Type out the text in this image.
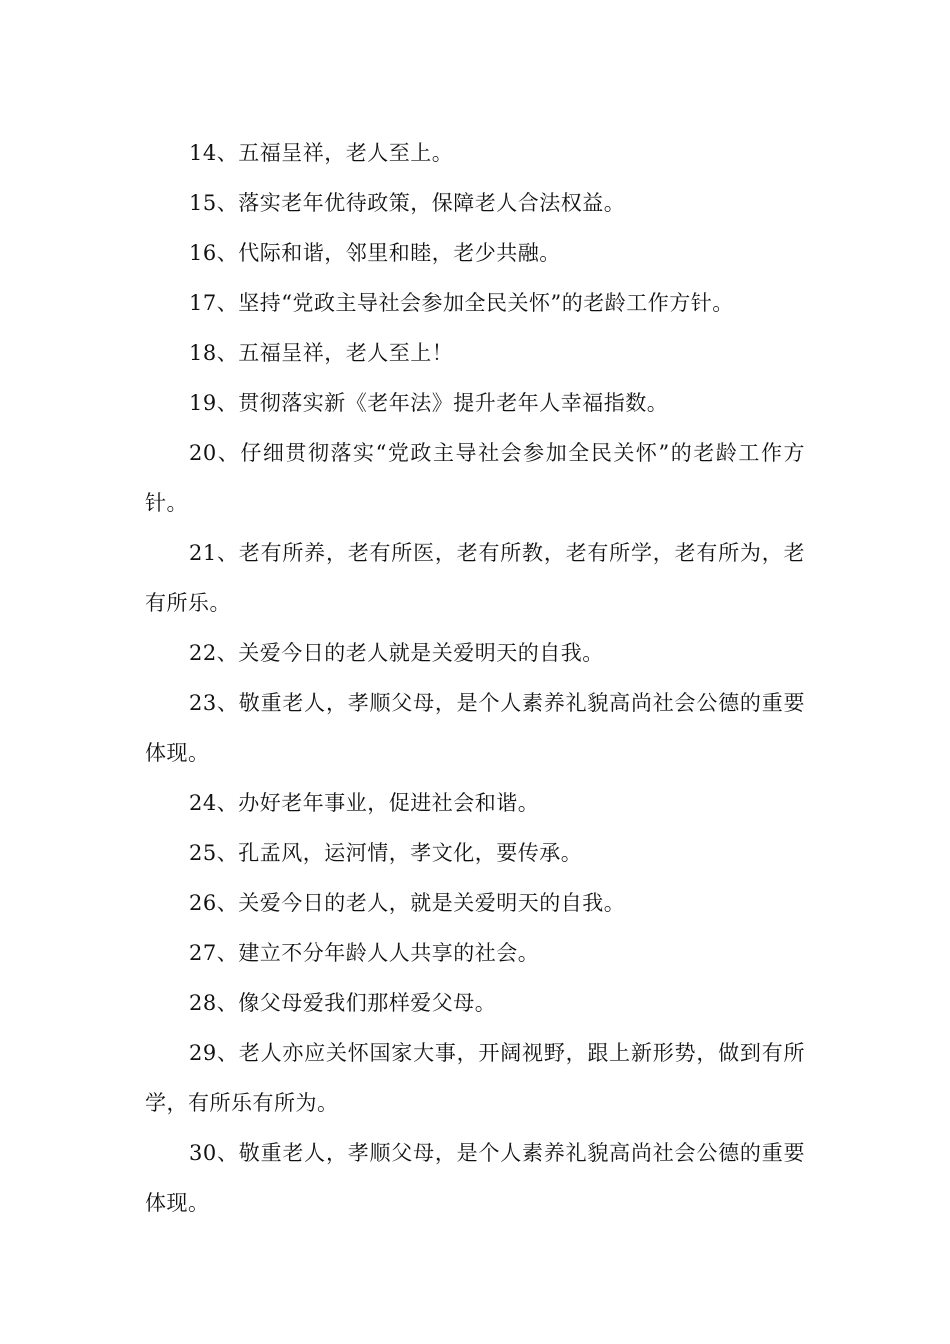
14、五福呈祥，老人至上。

15、落实老年优待政策，保障老人合法权益。

16、代际和谐，邻里和睦，老少共融。

17、坚持“党政主导社会参加全民关怀”的老龄工作方针。

18、五福呈祥，老人至上！

19、贯彻落实新《老年法》提升老年人幸福指数。

20、仔细贯彻落实“党政主导社会参加全民关怀”的老龄工作方针。

21、老有所养，老有所医，老有所教，老有所学，老有所为，老有所乐。

22、关爱今日的老人就是关爱明天的自我。

23、敬重老人，孝顺父母，是个人素养礼貌高尚社会公德的重要体现。

24、办好老年事业，促进社会和谐。

25、孔孟风，运河情，孝文化，要传承。

26、关爱今日的老人，就是关爱明天的自我。

27、建立不分年龄人人共享的社会。

28、像父母爱我们那样爱父母。

29、老人亦应关怀国家大事，开阔视野，跟上新形势，做到有所学，有所乐有所为。

30、敬重老人，孝顺父母，是个人素养礼貌高尚社会公德的重要体现。
